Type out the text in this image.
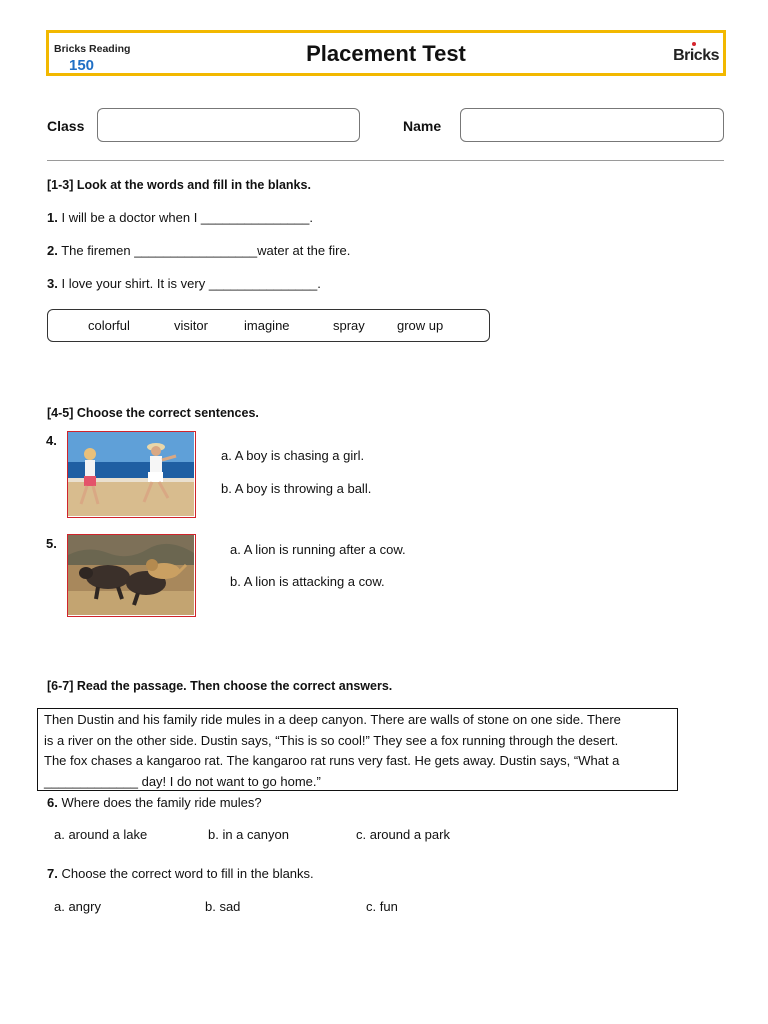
Bricks Reading
150	Placement Test	Br
icks
Class	Name
[1-3] Look at the words and fill in the blanks.
1. I will be a doctor when I _______________.
2. The firemen _________________water at the fire.
3. I love your shirt. It is very _______________.
colorful	visitor	imagine	spray grow up
[4-5] Choose the correct sentences.
4.
a. A boy is chasing a girl.
b. A boy is throwing a ball.
5.	a. A lion is running after a cow.
b. A lion is attacking a cow.
[6-7] Read the passage. Then choose the correct answers.

Then Dustin and his family ride mules in a deep canyon. There are walls of stone on one side. There

is a river on the other side. Dustin says, “This is so cool!” They see a fox running through the desert.

The fox chases a kangaroo rat. The kangaroo rat runs very fast. He gets away. Dustin says, “What a

_____________ day! I do not want to go home.”

6. Where does the family ride mules?
a. around a lake	b. in a canyon	c. around a park
7. Choose the correct word to fill in the blanks.
a. angry	b. sad	c. fun
